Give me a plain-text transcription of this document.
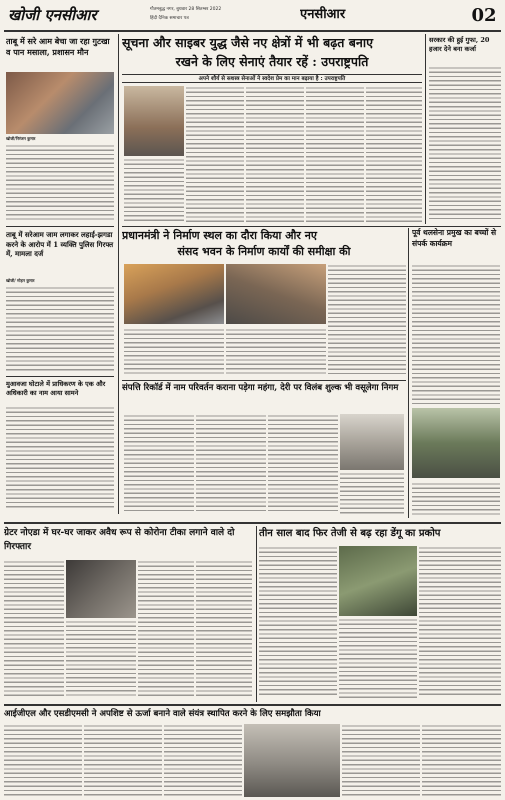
खोजी एनसीआर	गौतमबुद्ध नगर, बुधवार 28 सितम्बर 2022
हिंदी दैनिक समाचार पत्र	एनसीआर	02
ताबू में सरे आम बेचा जा रहा गुटखा व पान मसाला, प्रशासन मौन
खोजी/निरंजन कुमार
ताबू में सरेआम जाम लगाकर लहाई-झगडा करने के आरोप में 1 व्यक्ति पुलिस गिरफ्त में, मामला दर्ज
खोजी/ मोहन कुमार
मुआवजा घोटाले में प्राधिकरण के एक और अधिकारी का नाम आया सामने
सूचना और साइबर युद्ध जैसे नए क्षेत्रों में भी बढ़त बनाए
रखने के लिए सेनाएं तैयार रहें : उपराष्ट्रपति
अपने शौर्य से सशस्त्र सेनाओं ने स्वदेश प्रेम का मान बढ़ाया है : उपराष्ट्रपति
सरकार की हुई गुफा, 20 हजार देने बना कर्जा
प्रधानमंत्री ने निर्माण स्थल का दौरा किया और नए
संसद भवन के निर्माण कार्यों की समीक्षा की
पूर्व थलसेना प्रमुख का बच्चों से संपर्क कार्यक्रम
संपत्ति रिकॉर्ड में नाम परिवर्तन कराना पड़ेगा महंगा, देरी पर विलंब शुल्क भी वसूलेगा निगम
ग्रेटर नोएडा में घर-घर जाकर अवैध रूप से कोरोना टीका लगाने वाले दो गिरफ्तार
तीन साल बाद फिर तेजी से बढ़ रहा डेंगू का प्रकोप
आईजीएल और एसडीएमसी ने अपशिष्ट से ऊर्जा बनाने वाले संयंत्र स्थापित करने के लिए समझौता किया
